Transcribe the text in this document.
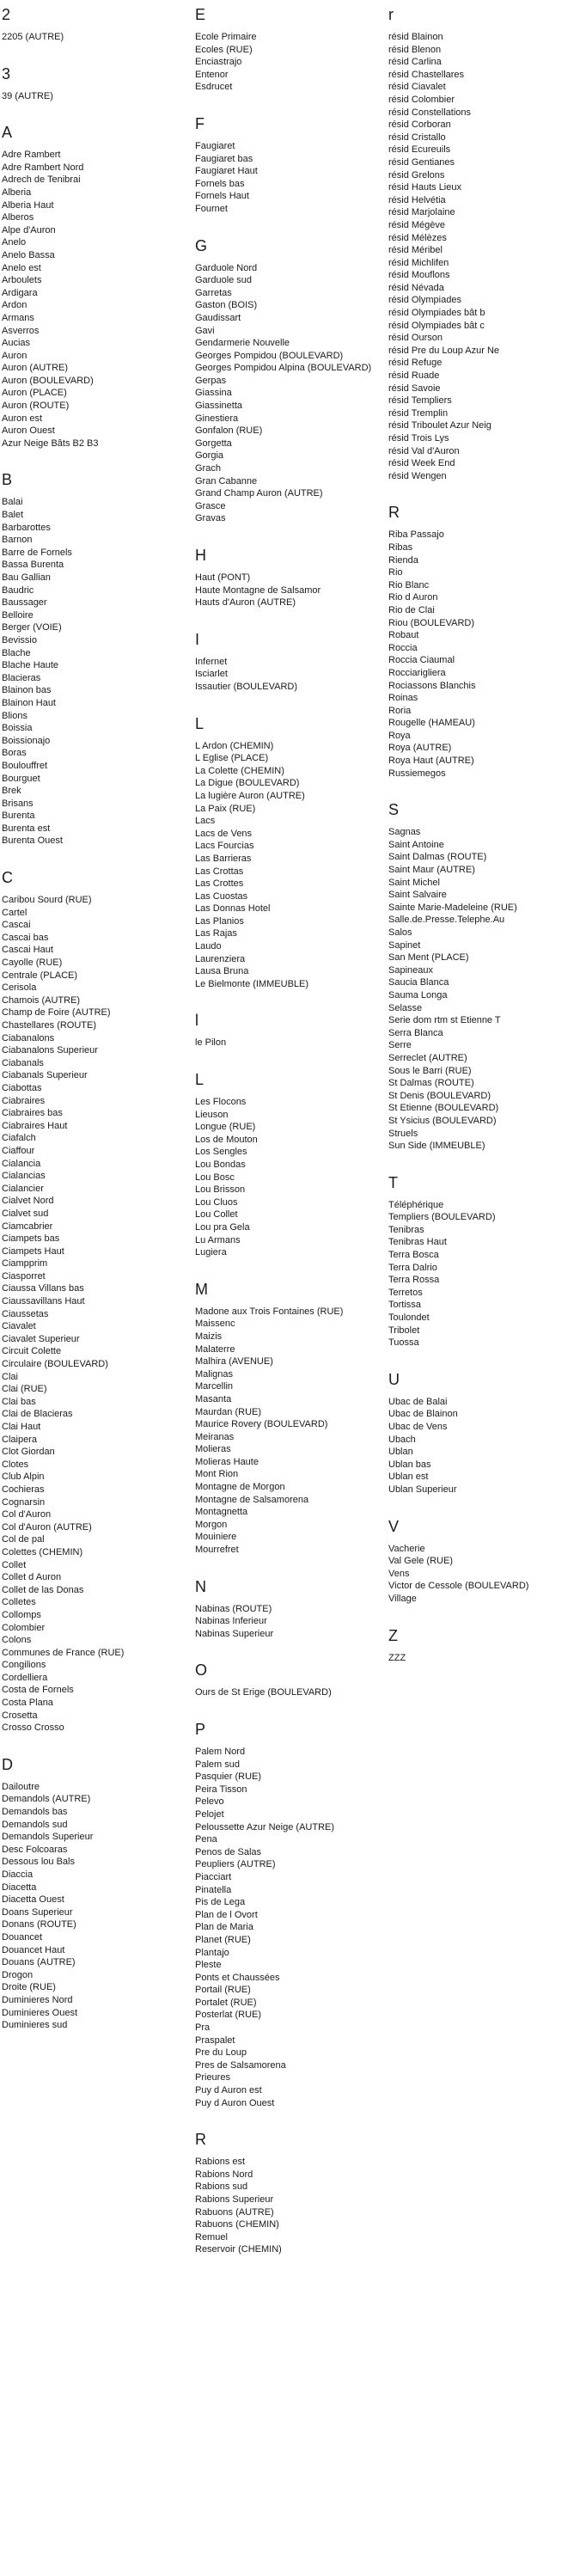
2
2205 (AUTRE)
3
39 (AUTRE)
A
Adre Rambert
Adre Rambert Nord
Adrech de Tenibrai
Alberia
Alberia Haut
Alberos
Alpe d'Auron
Anelo
Anelo Bassa
Anelo est
Arboulets
Ardigara
Ardon
Armans
Asverros
Aucias
Auron
Auron (AUTRE)
Auron (BOULEVARD)
Auron (PLACE)
Auron (ROUTE)
Auron est
Auron Ouest
Azur Neige Bâts B2 B3
B
Balai
Balet
Barbarottes
Barnon
Barre de Fornels
Bassa Burenta
Bau Gallian
Baudric
Baussager
Belloire
Berger (VOIE)
Bevissio
Blache
Blache Haute
Blacieras
Blainon bas
Blainon Haut
Blions
Boissia
Boissionajo
Boras
Boulouffret
Bourguet
Brek
Brisans
Burenta
Burenta est
Burenta Ouest
C
Caribou Sourd (RUE)
Cartel
Cascai
Cascai bas
Cascai Haut
Cayolle (RUE)
Centrale (PLACE)
Cerisola
Chamois (AUTRE)
Champ de Foire (AUTRE)
Chastellares (ROUTE)
Ciabanalons
Ciabanalons Superieur
Ciabanals
Ciabanals Superieur
Ciabottas
Ciabraires
Ciabraires bas
Ciabraires Haut
Ciafalch
Ciaffour
Cialancia
Cialancias
Cialancier
Cialvet Nord
Cialvet sud
Ciamcabrier
Ciampets bas
Ciampets Haut
Ciampprim
Ciasporret
Ciaussa Villans bas
Ciaussavillans Haut
Ciaussetas
Ciavalet
Ciavalet Superieur
Circuit Colette
Circulaire (BOULEVARD)
Clai
Clai (RUE)
Clai bas
Clai de Blacieras
Clai Haut
Claipera
Clot Giordan
Clotes
Club Alpin
Cochieras
Cognarsin
Col d'Auron
Col d'Auron (AUTRE)
Col de pal
Colettes (CHEMIN)
Collet
Collet d Auron
Collet de las Donas
Colletes
Collomps
Colombier
Colons
Communes de France (RUE)
Congilions
Cordelliera
Costa de Fornels
Costa Plana
Crosetta
Crosso Crosso
D
Dailoutre
Demandols (AUTRE)
Demandols bas
Demandols sud
Demandols Superieur
Desc Folcoaras
Dessous lou Bals
Diaccia
Diacetta
Diacetta Ouest
Doans Superieur
Donans (ROUTE)
Douancet
Douancet Haut
Douans (AUTRE)
Drogon
Droite (RUE)
Duminieres Nord
Duminieres Ouest
Duminieres sud
E
Ecole Primaire
Ecoles (RUE)
Enciastrajo
Entenor
Esdrucet
F
Faugiaret
Faugiaret bas
Faugiaret Haut
Fornels bas
Fornels Haut
Fournet
G
Garduole Nord
Garduole sud
Garretas
Gaston (BOIS)
Gaudissart
Gavi
Gendarmerie Nouvelle
Georges Pompidou (BOULEVARD)
Georges Pompidou Alpina (BOULEVARD)
Gerpas
Giassina
Giassinetta
Ginestiera
Gonfalon (RUE)
Gorgetta
Gorgia
Grach
Gran Cabanne
Grand Champ Auron (AUTRE)
Grasce
Gravas
H
Haut (PONT)
Haute Montagne de Salsamor
Hauts d'Auron (AUTRE)
I
Infernet
Isciarlet
Issautier (BOULEVARD)
L
L Ardon (CHEMIN)
L Eglise (PLACE)
La Colette (CHEMIN)
La Digue (BOULEVARD)
La lugière Auron (AUTRE)
La Paix (RUE)
Lacs
Lacs de Vens
Lacs Fourcias
Las Barrieras
Las Crottas
Las Crottes
Las Cuostas
Las Donnas Hotel
Las Planios
Las Rajas
Laudo
Laurenziera
Lausa Bruna
Le Bielmonte (IMMEUBLE)
l
le Pilon
L
Les Flocons
Lieuson
Longue (RUE)
Los de Mouton
Los Sengles
Lou Bondas
Lou Bosc
Lou Brisson
Lou Cluos
Lou Collet
Lou pra Gela
Lu Armans
Lugiera
M
Madone aux Trois Fontaines (RUE)
Maissenc
Maizis
Malaterre
Malhira (AVENUE)
Malignas
Marcellin
Masanta
Maurdan (RUE)
Maurice Rovery (BOULEVARD)
Meiranas
Molieras
Molieras Haute
Mont Rion
Montagne de Morgon
Montagne de Salsamorena
Montagnetta
Morgon
Mouiniere
Mourrefret
N
Nabinas (ROUTE)
Nabinas Inferieur
Nabinas Superieur
O
Ours de St Erige (BOULEVARD)
P
Palem Nord
Palem sud
Pasquier (RUE)
Peira Tisson
Pelevo
Pelojet
Peloussette Azur Neige (AUTRE)
Pena
Penos de Salas
Peupliers (AUTRE)
Piacciart
Pinatella
Pis de Lega
Plan de l Ovort
Plan de Maria
Planet (RUE)
Plantajo
Pleste
Ponts et Chaussées
Portail (RUE)
Portalet (RUE)
Posterlat (RUE)
Pra
Praspalet
Pre du Loup
Pres de Salsamorena
Prieures
Puy d Auron est
Puy d Auron Ouest
R
Rabions est
Rabions Nord
Rabions sud
Rabions Superieur
Rabuons (AUTRE)
Rabuons (CHEMIN)
Remuel
Reservoir (CHEMIN)
r
résid Blainon
résid Blenon
résid Carlina
résid Chastellares
résid Ciavalet
résid Colombier
résid Constellations
résid Corboran
résid Cristallo
résid Ecureuils
résid Gentianes
résid Grelons
résid Hauts Lieux
résid Helvétia
résid Marjolaine
résid Mégève
résid Mélèzes
résid Méribel
résid Michlifen
résid Mouflons
résid Névada
résid Olympiades
résid Olympiades bât b
résid Olympiades bât c
résid Ourson
résid Pre du Loup Azur Ne
résid Refuge
résid Ruade
résid Savoie
résid Templiers
résid Tremplin
résid Triboulet Azur Neig
résid Trois Lys
résid Val d'Auron
résid Week End
résid Wengen
R
Riba Passajo
Ribas
Rienda
Rio
Rio Blanc
Rio d Auron
Rio de Clai
Riou (BOULEVARD)
Robaut
Roccia
Roccia Ciaumal
Rocciarigliera
Rociassons Blanchis
Roinas
Roria
Rougelle (HAMEAU)
Roya
Roya (AUTRE)
Roya Haut (AUTRE)
Russiemegos
S
Sagnas
Saint Antoine
Saint Dalmas (ROUTE)
Saint Maur (AUTRE)
Saint Michel
Saint Salvaire
Sainte Marie-Madeleine (RUE)
Salle.de.Presse.Telephe.Au
Salos
Sapinet
San Ment (PLACE)
Sapineaux
Saucia Blanca
Sauma Longa
Selasse
Serie dom rtm st Etienne T
Serra Blanca
Serre
Serreclet (AUTRE)
Sous le Barri (RUE)
St Dalmas (ROUTE)
St Denis (BOULEVARD)
St Etienne (BOULEVARD)
St Ysicius (BOULEVARD)
Struels
Sun Side (IMMEUBLE)
T
Téléphérique
Templiers (BOULEVARD)
Tenibras
Tenibras Haut
Terra Bosca
Terra Dalrio
Terra Rossa
Terretos
Tortissa
Toulondet
Tribolet
Tuossa
U
Ubac de Balai
Ubac de Blainon
Ubac de Vens
Ubach
Ublan
Ublan bas
Ublan est
Ublan Superieur
V
Vacherie
Val Gele (RUE)
Vens
Victor de Cessole (BOULEVARD)
Village
Z
ZZZ
